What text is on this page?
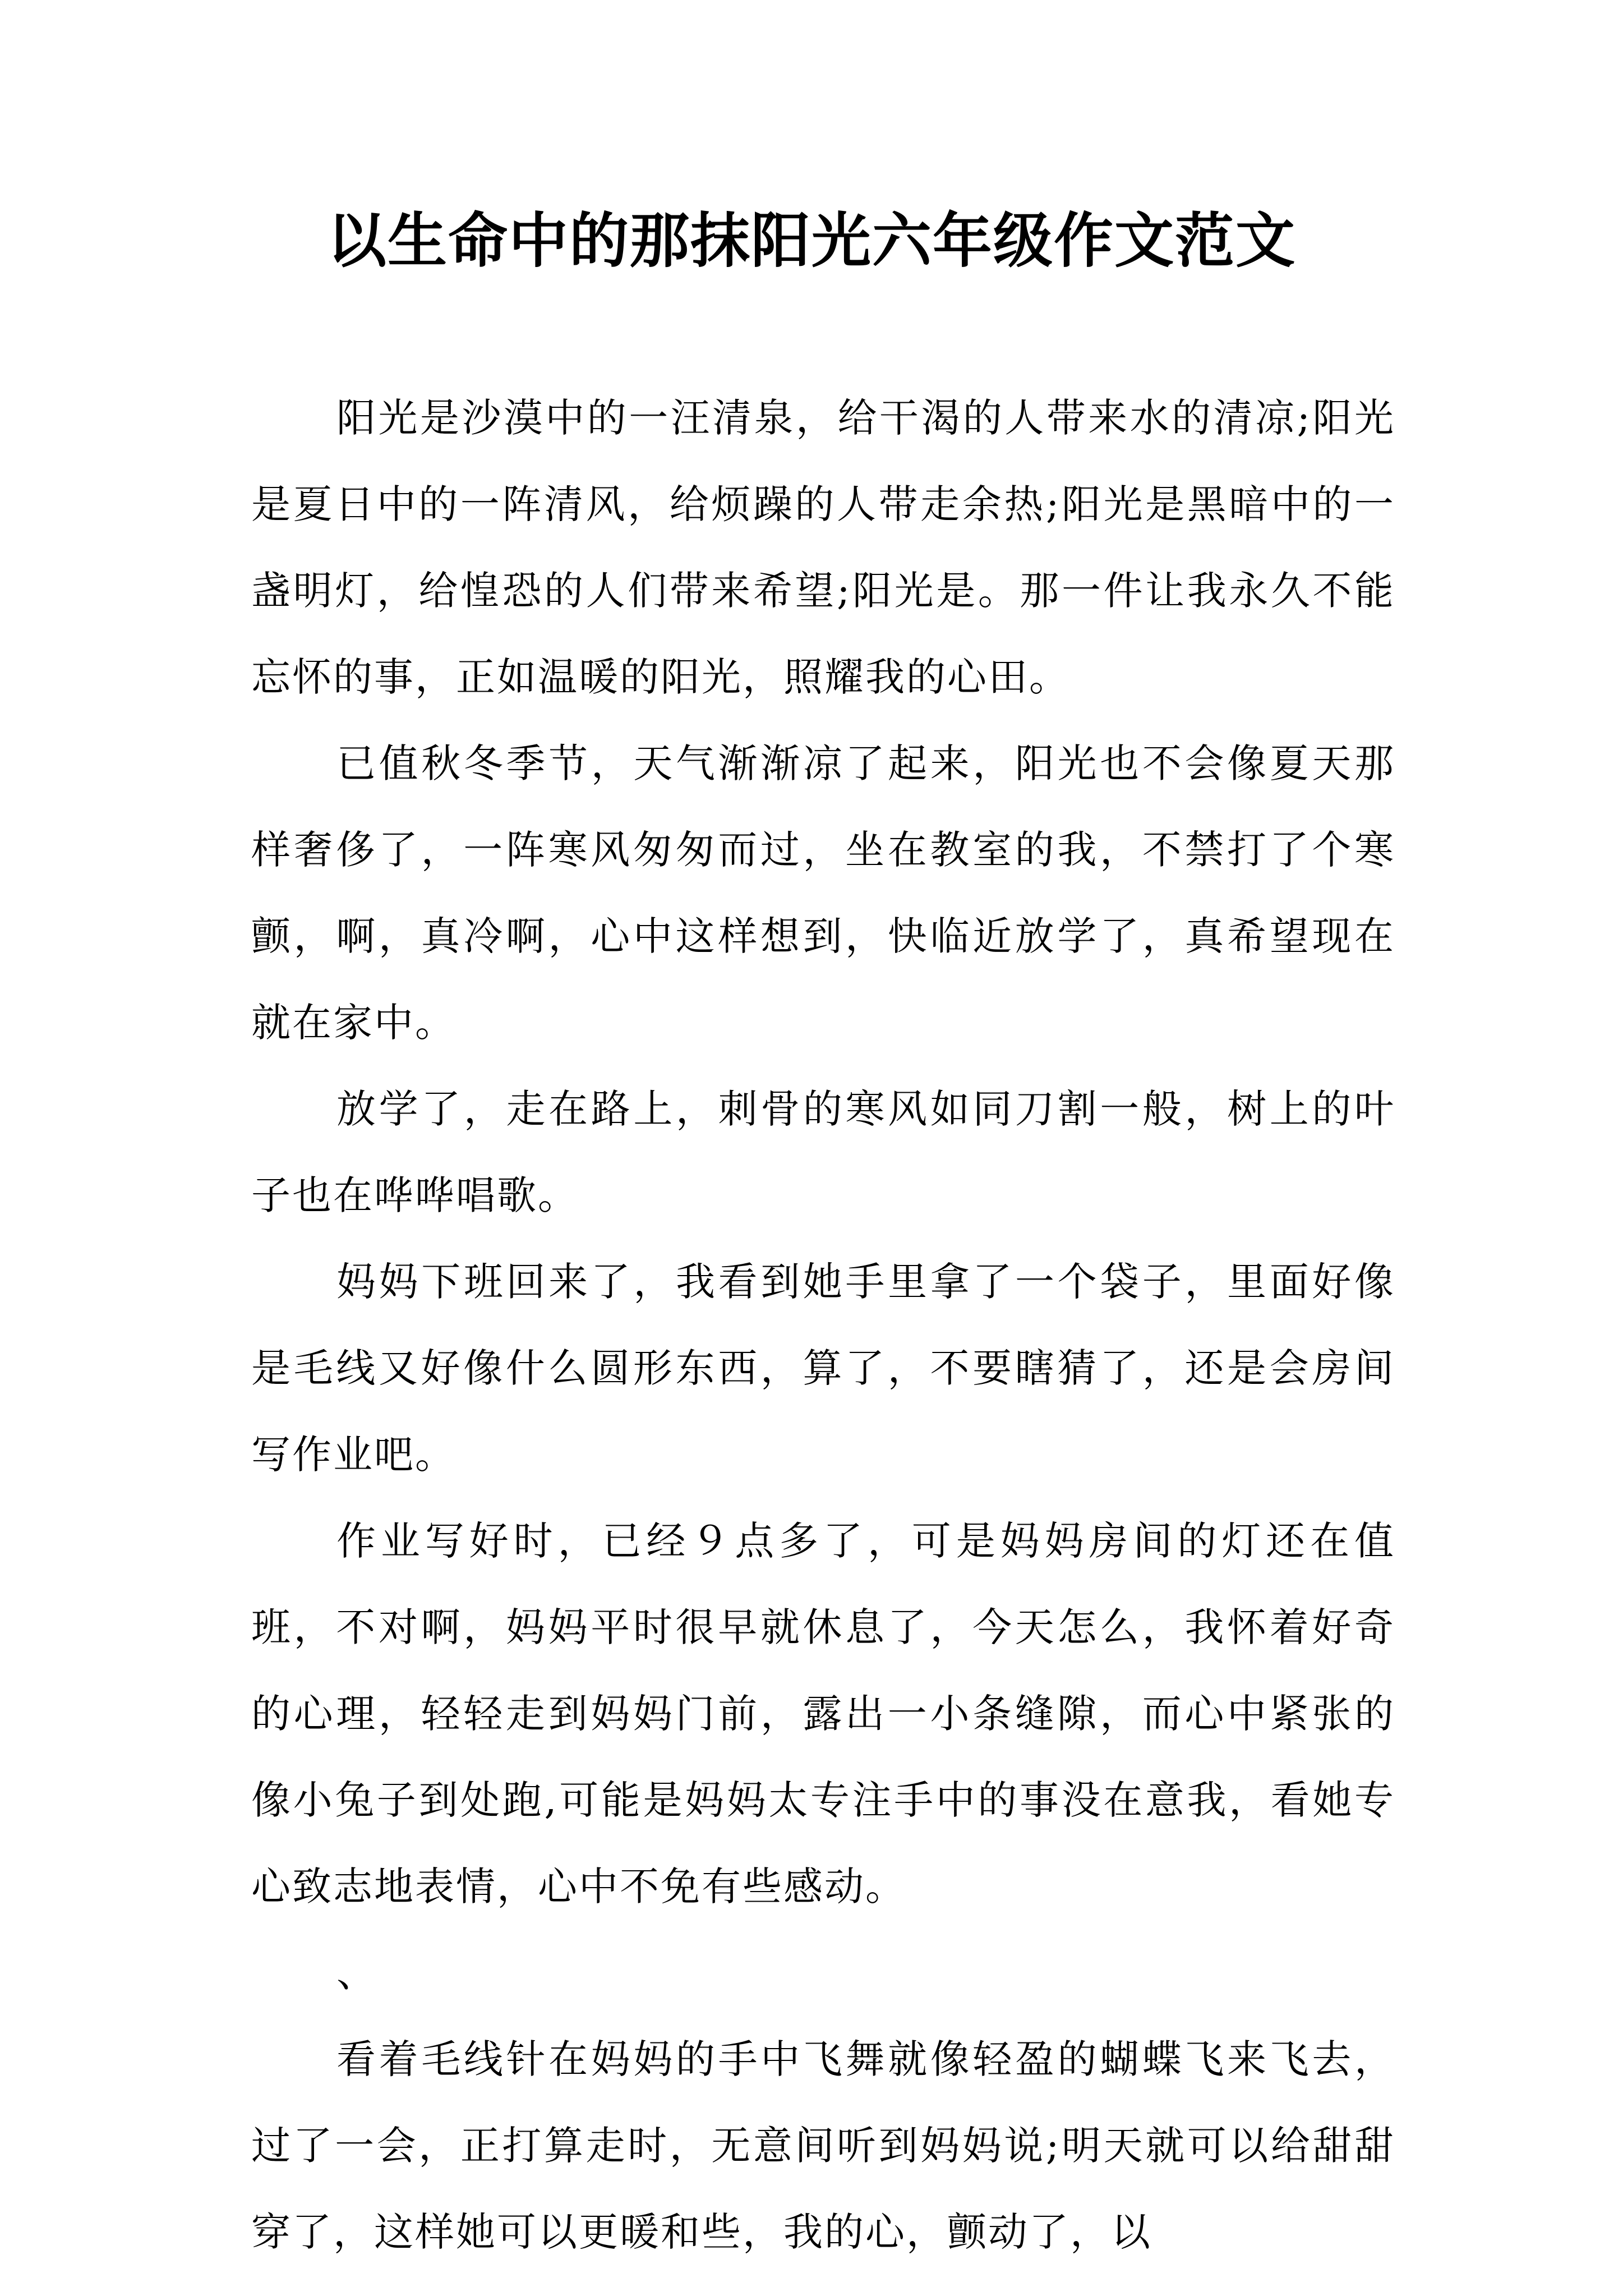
以生命中的那抹阳光六年级作文范文

阳光是沙漠中的一汪清泉，给干渴的人带来水的清凉;阳光是夏日中的一阵清风，给烦躁的人带走余热;阳光是黑暗中的一盏明灯，给惶恐的人们带来希望;阳光是。那一件让我永久不能忘怀的事，正如温暖的阳光，照耀我的心田。

已值秋冬季节，天气渐渐凉了起来，阳光也不会像夏天那样奢侈了，一阵寒风匆匆而过，坐在教室的我，不禁打了个寒颤，啊，真冷啊，心中这样想到，快临近放学了，真希望现在就在家中。

放学了，走在路上，刺骨的寒风如同刀割一般，树上的叶子也在哗哗唱歌。

妈妈下班回来了，我看到她手里拿了一个袋子，里面好像是毛线又好像什么圆形东西，算了，不要瞎猜了，还是会房间写作业吧。

作业写好时，已经９点多了，可是妈妈房间的灯还在值班，不对啊，妈妈平时很早就休息了，今天怎么，我怀着好奇的心理，轻轻走到妈妈门前，露出一小条缝隙，而心中紧张的像小兔子到处跑,可能是妈妈太专注手中的事没在意我，看她专心致志地表情，心中不免有些感动。

、

看着毛线针在妈妈的手中飞舞就像轻盈的蝴蝶飞来飞去，过了一会，正打算走时，无意间听到妈妈说;明天就可以给甜甜穿了，这样她可以更暖和些，我的心，颤动了，以
